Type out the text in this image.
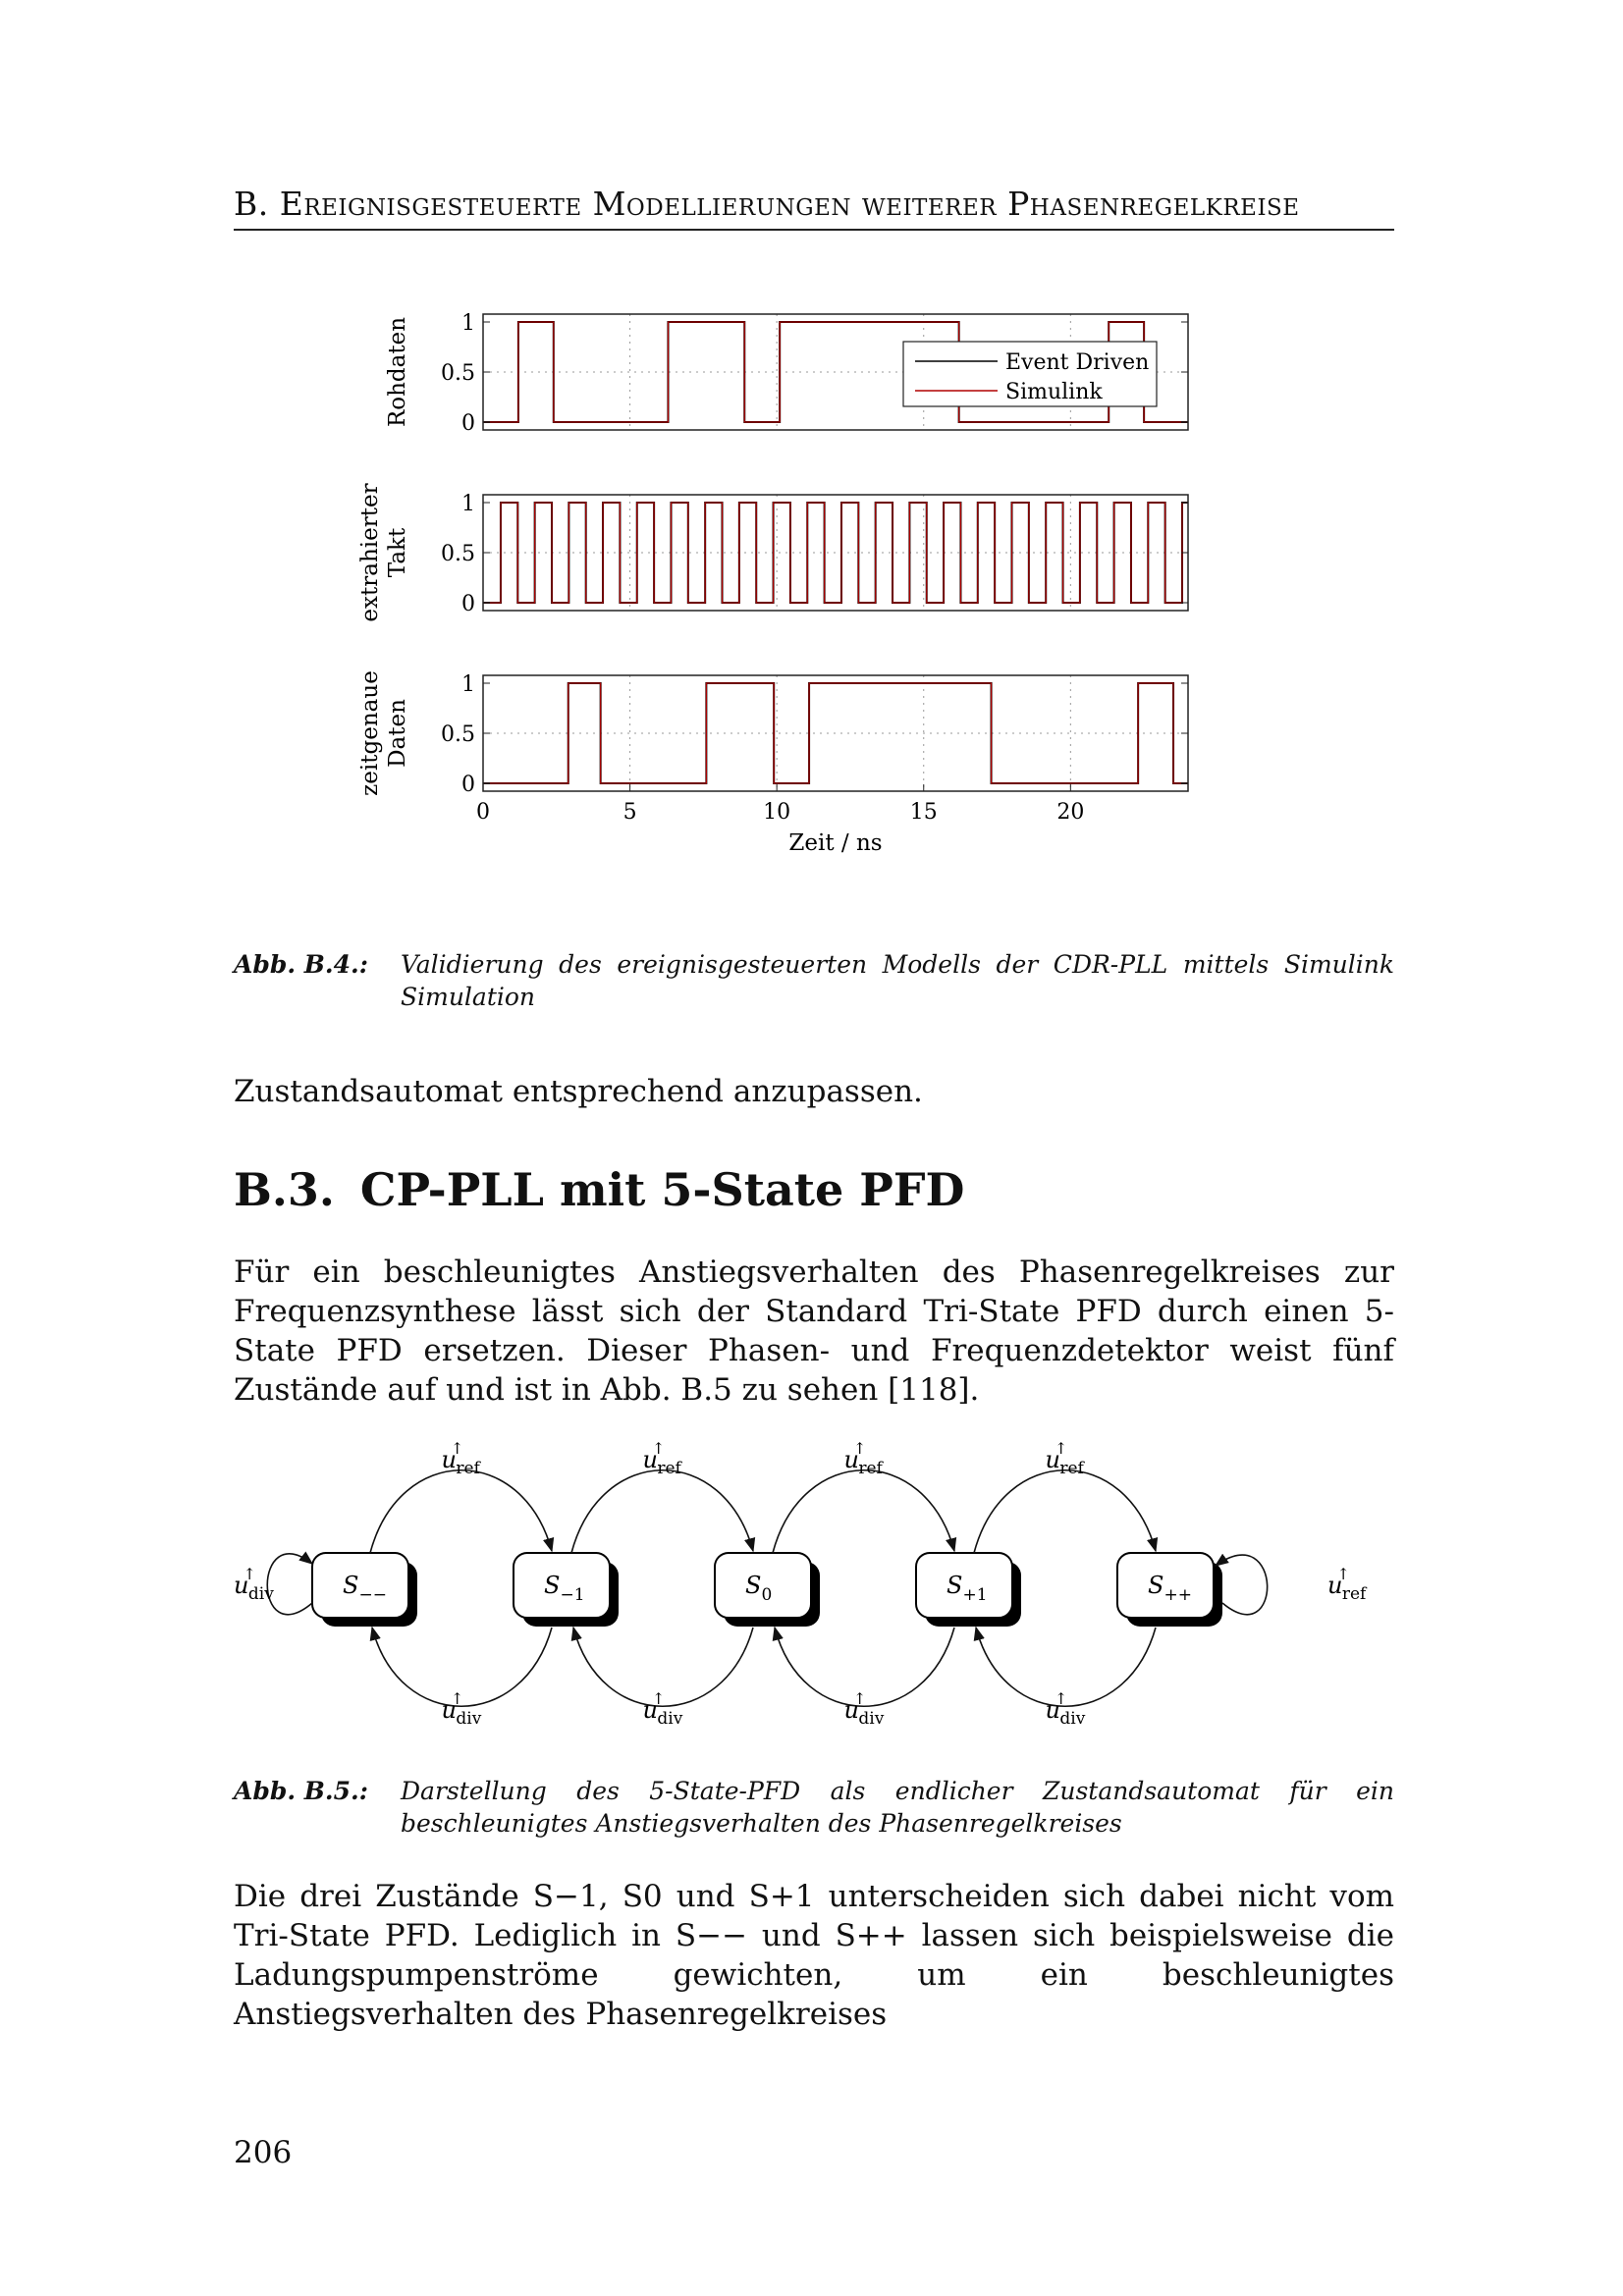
B. Ereignisgesteuerte Modellierungen weiterer Phasenregelkreise
0
0.5
1
Rohdaten	Event Driven
Simulink
0
0.5
1
extrahierter Takt
0
0.5
1
zeitgenaue Daten
0	5	10	15	20
Zeit / ns
Abb. B.4.:	Validierung des ereignisgesteuerten Modells der CDR-PLL mittels Simulink Simulation
Zustandsautomat entsprechend anzupassen.
B.3. CP-PLL mit 5-State PFD
Für ein beschleunigtes Anstiegsverhalten des Phasenregelkreises zur Frequenzsynthese lässt sich der Standard Tri-State PFD durch einen 5-State PFD ersetzen. Dieser Phasen- und Frequenzdetektor weist fünf Zustände auf und ist in Abb. B.5 zu sehen [118].
$S_{--}$	$S_{-1}$	$S_0$	$S_{+1}$	$S_{++}$
u↑ ref
u↑ div
u↑ ref
u↑ div
u↑ ref
u↑ div
u↑ ref
u↑ div
u↑ div	u↑ ref
Abb. B.5.:	Darstellung des 5-State-PFD als endlicher Zustandsautomat für ein beschleunigtes Anstiegsverhalten des Phasenregelkreises
Die drei Zustände S−1, S0 und S+1 unterscheiden sich dabei nicht vom Tri-State PFD. Lediglich in S−− und S++ lassen sich beispielsweise die Ladungspumpenströme gewichten, um ein beschleunigtes Anstiegsverhalten des Phasenregelkreises
206
